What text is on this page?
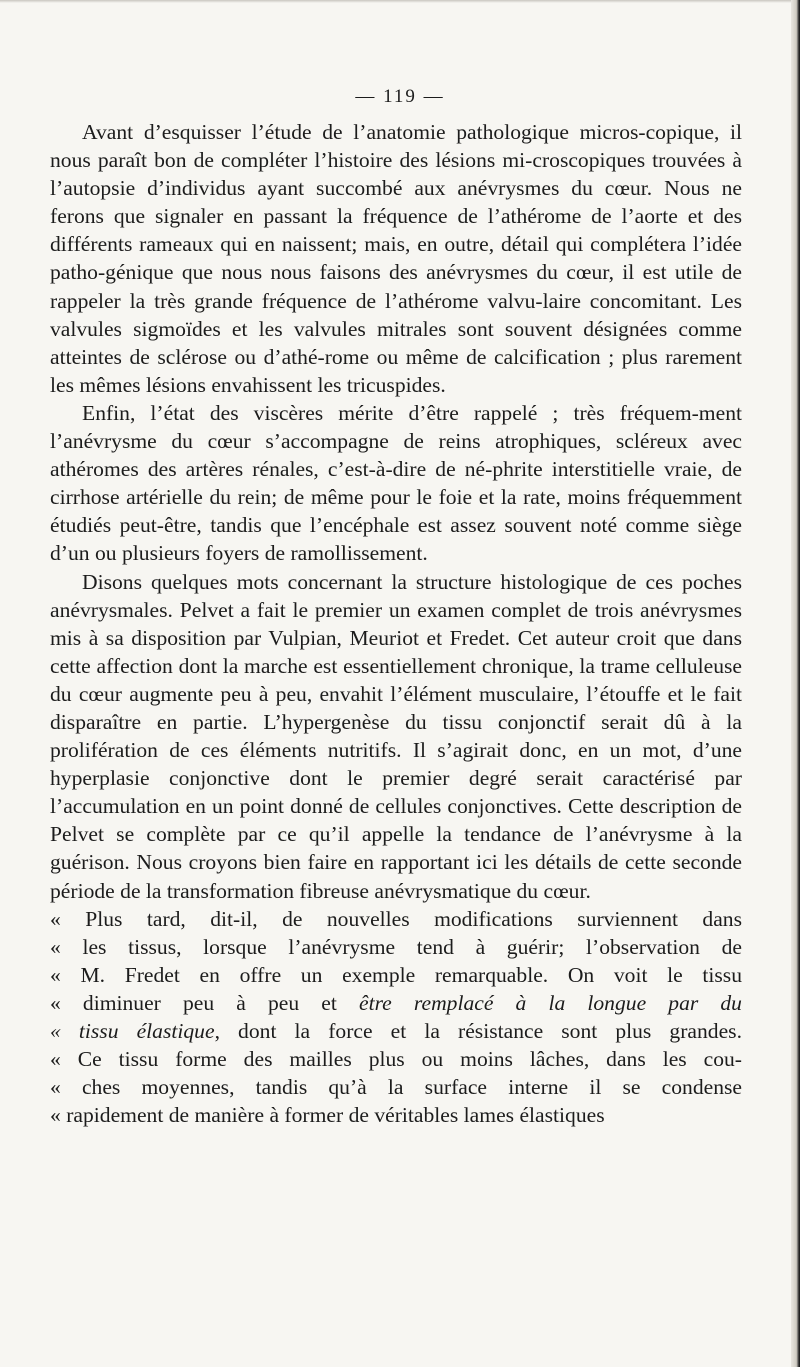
— 119 —

Avant d’esquisser l’étude de l’anatomie pathologique micros-copique, il nous paraît bon de compléter l’histoire des lésions mi-croscopiques trouvées à l’autopsie d’individus ayant succombé aux anévrysmes du cœur. Nous ne ferons que signaler en passant la fréquence de l’athérome de l’aorte et des différents rameaux qui en naissent; mais, en outre, détail qui complétera l’idée patho-génique que nous nous faisons des anévrysmes du cœur, il est utile de rappeler la très grande fréquence de l’athérome valvu-laire concomitant. Les valvules sigmoïdes et les valvules mitrales sont souvent désignées comme atteintes de sclérose ou d’athé-rome ou même de calcification ; plus rarement les mêmes lésions envahissent les tricuspides.

Enfin, l’état des viscères mérite d’être rappelé ; très fréquem-ment l’anévrysme du cœur s’accompagne de reins atrophiques, scléreux avec athéromes des artères rénales, c’est-à-dire de né-phrite interstitielle vraie, de cirrhose artérielle du rein; de même pour le foie et la rate, moins fréquemment étudiés peut-être, tandis que l’encéphale est assez souvent noté comme siège d’un ou plusieurs foyers de ramollissement.

Disons quelques mots concernant la structure histologique de ces poches anévrysmales. Pelvet a fait le premier un examen complet de trois anévrysmes mis à sa disposition par Vulpian, Meuriot et Fredet. Cet auteur croit que dans cette affection dont la marche est essentiellement chronique, la trame celluleuse du cœur augmente peu à peu, envahit l’élément musculaire, l’étouffe et le fait disparaître en partie. L’hypergenèse du tissu conjonctif serait dû à la prolifération de ces éléments nutritifs. Il s’agirait donc, en un mot, d’une hyperplasie conjonctive dont le premier degré serait caractérisé par l’accumulation en un point donné de cellules conjonctives. Cette description de Pelvet se complète par ce qu’il appelle la tendance de l’anévrysme à la guérison. Nous croyons bien faire en rapportant ici les détails de cette seconde période de la transformation fibreuse anévrysmatique du cœur.

« Plus tard, dit-il, de nouvelles modifications surviennent dans
« les tissus, lorsque l’anévrysme tend à guérir; l’observation de
« M. Fredet en offre un exemple remarquable. On voit le tissu
« diminuer peu à peu et être remplacé à la longue par du
« tissu élastique, dont la force et la résistance sont plus grandes.
« Ce tissu forme des mailles plus ou moins lâches, dans les cou-
« ches moyennes, tandis qu’à la surface interne il se condense
« rapidement de manière à former de véritables lames élastiques
